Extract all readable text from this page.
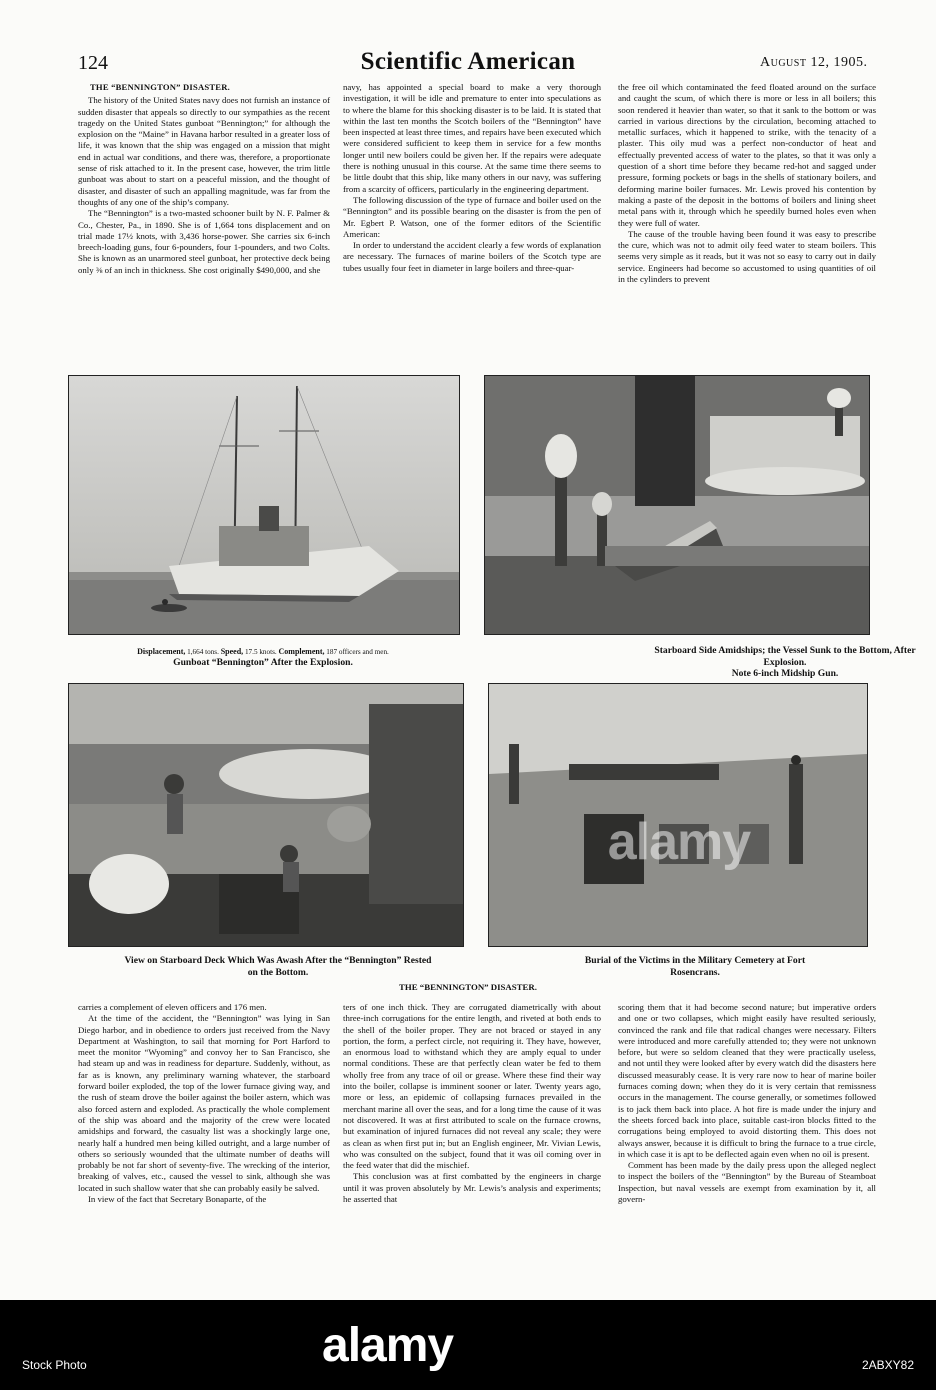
124	Scientific American	August 12, 1905.
THE “BENNINGTON” DISASTER.

The history of the United States navy does not furnish an instance of sudden disaster that appeals so directly to our sympathies as the recent tragedy on the United States gunboat “Bennington;” for although the explosion on the “Maine” in Havana harbor resulted in a greater loss of life, it was known that the ship was engaged on a mission that might end in actual war conditions, and there was, therefore, a proportionate sense of risk attached to it. In the present case, however, the trim little gunboat was about to start on a peaceful mission, and the thought of disaster, and disaster of such an appalling magnitude, was far from the thoughts of any one of the ship’s company.

The “Bennington” is a two-masted schooner built by N. F. Palmer & Co., Chester, Pa., in 1890. She is of 1,664 tons displacement and on trial made 17½ knots, with 3,436 horse-power. She carries six 6-inch breech-loading guns, four 6-pounders, four 1-pounders, and two Colts. She is known as an unarmored steel gunboat, her protective deck being only ⅜ of an inch in thickness. She cost originally $490,000, and she

navy, has appointed a special board to make a very thorough investigation, it will be idle and premature to enter into speculations as to where the blame for this shocking disaster is to be laid. It is stated that within the last ten months the Scotch boilers of the “Bennington” have been inspected at least three times, and repairs have been executed which were considered sufficient to keep them in service for a few months longer until new boilers could be given her. If the repairs were adequate there is nothing unusual in this course. At the same time there seems to be little doubt that this ship, like many others in our navy, was suffering from a scarcity of officers, particularly in the engineering department.

The following discussion of the type of furnace and boiler used on the “Bennington” and its possible bearing on the disaster is from the pen of Mr. Egbert P. Watson, one of the former editors of the Scientific American:

In order to understand the accident clearly a few words of explanation are necessary. The furnaces of marine boilers of the Scotch type are tubes usually four feet in diameter in large boilers and three-quar-

the free oil which contaminated the feed floated around on the surface and caught the scum, of which there is more or less in all boilers; this soon rendered it heavier than water, so that it sank to the bottom or was carried in various directions by the circulation, becoming attached to metallic surfaces, which it happened to strike, with the tenacity of a plaster. This oily mud was a perfect non-conductor of heat and effectually prevented access of water to the plates, so that it was only a question of a short time before they became red-hot and sagged under pressure, forming pockets or bags in the shells of stationary boilers, and deforming marine boiler furnaces. Mr. Lewis proved his contention by making a paste of the deposit in the bottoms of boilers and lining sheet metal pans with it, through which he speedily burned holes even when they were full of water.

The cause of the trouble having been found it was easy to prescribe the cure, which was not to admit oily feed water to steam boilers. This seems very simple as it reads, but it was not so easy to carry out in daily service. Engineers had become so accustomed to using quantities of oil in the cylinders to prevent

Displacement, 1,664 tons. Speed, 17.5 knots. Complement, 187 officers and men.
Gunboat “Bennington” After the Explosion.
Starboard Side Amidships; the Vessel Sunk to the Bottom, After Explosion.
Note 6-inch Midship Gun.
alamy
View on Starboard Deck Which Was Awash After the “Bennington” Rested
on the Bottom.
Burial of the Victims in the Military Cemetery at Fort
Rosencrans.
THE “BENNINGTON” DISASTER.

carries a complement of eleven officers and 176 men.

At the time of the accident, the “Bennington” was lying in San Diego harbor, and in obedience to orders just received from the Navy Department at Washington, to sail that morning for Port Harford to meet the monitor “Wyoming” and convoy her to San Francisco, she had steam up and was in readiness for departure. Suddenly, without, as far as is known, any preliminary warning whatever, the starboard forward boiler exploded, the top of the lower furnace giving way, and the rush of steam drove the boiler against the boiler astern, which was also forced astern and exploded. As practically the whole complement of the ship was aboard and the majority of the crew were located amidships and forward, the casualty list was a shockingly large one, nearly half a hundred men being killed outright, and a large number of others so seriously wounded that the ultimate number of deaths will probably be not far short of seventy-five. The wrecking of the interior, breaking of valves, etc., caused the vessel to sink, although she was located in such shallow water that she can probably easily be salved.

In view of the fact that Secretary Bonaparte, of the

ters of one inch thick. They are corrugated diametrically with about three-inch corrugations for the entire length, and riveted at both ends to the shell of the boiler proper. They are not braced or stayed in any portion, the form, a perfect circle, not requiring it. They have, however, an enormous load to withstand which they are amply equal to under normal conditions. These are that perfectly clean water be fed to them wholly free from any trace of oil or grease. Where these find their way into the boiler, collapse is imminent sooner or later. Twenty years ago, more or less, an epidemic of collapsing furnaces prevailed in the merchant marine all over the seas, and for a long time the cause of it was not discovered. It was at first attributed to scale on the furnace crowns, but examination of injured furnaces did not reveal any scale; they were as clean as when first put in; but an English engineer, Mr. Vivian Lewis, who was consulted on the subject, found that it was oil coming over in the feed water that did the mischief.

This conclusion was at first combatted by the engineers in charge until it was proven absolutely by Mr. Lewis’s analysis and experiments; he asserted that

scoring them that it had become second nature; but imperative orders and one or two collapses, which might easily have resulted seriously, convinced the rank and file that radical changes were necessary. Filters were introduced and more carefully attended to; they were not unknown before, but were so seldom cleaned that they were practically useless, and not until they were looked after by every watch did the disasters here discussed measurably cease. It is very rare now to hear of marine boiler furnaces coming down; when they do it is very certain that remissness occurs in the management. The course generally, or sometimes followed is to jack them back into place. A hot fire is made under the injury and the sheets forced back into place, suitable cast-iron blocks fitted to the corrugations being employed to avoid distorting them. This does not always answer, because it is difficult to bring the furnace to a true circle, in which case it is apt to be deflected again even when no oil is present.

Comment has been made by the daily press upon the alleged neglect to inspect the boilers of the “Bennington” by the Bureau of Steamboat Inspection, but naval vessels are exempt from examination by it, all govern-

alamy
Stock Photo	2ABXY82
